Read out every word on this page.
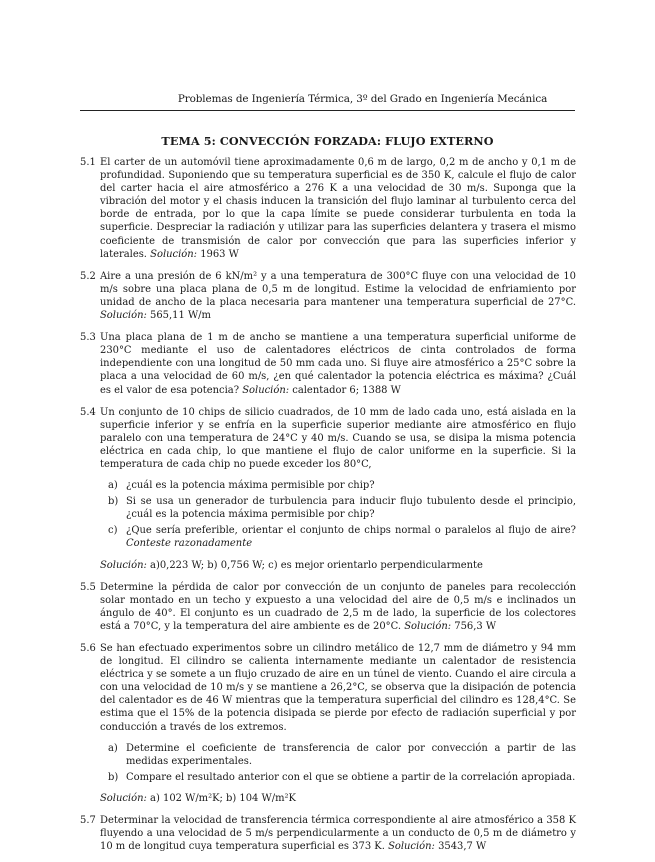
Problemas de Ingeniería Térmica, 3º del Grado en Ingeniería Mecánica
TEMA 5: CONVECCIÓN FORZADA: FLUJO EXTERNO
5.1 El carter de un automóvil tiene aproximadamente 0,6 m de largo, 0,2 m de ancho y 0,1 m de profundidad. Suponiendo que su temperatura superficial es de 350 K, calcule el flujo de calor del carter hacia el aire atmosférico a 276 K a una velocidad de 30 m/s. Suponga que la vibración del motor y el chasis inducen la transición del flujo laminar al turbulento cerca del borde de entrada, por lo que la capa límite se puede considerar turbulenta en toda la superficie. Despreciar la radiación y utilizar para las superficies delantera y trasera el mismo coeficiente de transmisión de calor por convección que para las superficies inferior y laterales. Solución: 1963 W
5.2 Aire a una presión de 6 kN/m² y a una temperatura de 300°C fluye con una velocidad de 10 m/s sobre una placa plana de 0,5 m de longitud. Estime la velocidad de enfriamiento por unidad de ancho de la placa necesaria para mantener una temperatura superficial de 27°C. Solución: 565,11 W/m
5.3 Una placa plana de 1 m de ancho se mantiene a una temperatura superficial uniforme de 230°C mediante el uso de calentadores eléctricos de cinta controlados de forma independiente con una longitud de 50 mm cada uno. Si fluye aire atmosférico a 25°C sobre la placa a una velocidad de 60 m/s, ¿en qué calentador la potencia eléctrica es máxima? ¿Cuál es el valor de esa potencia? Solución: calentador 6; 1388 W
5.4 Un conjunto de 10 chips de silicio cuadrados, de 10 mm de lado cada uno, está aislada en la superficie inferior y se enfría en la superficie superior mediante aire atmosférico en flujo paralelo con una temperatura de 24°C y 40 m/s. Cuando se usa, se disipa la misma potencia eléctrica en cada chip, lo que mantiene el flujo de calor uniforme en la superficie. Si la temperatura de cada chip no puede exceder los 80°C,
a) ¿cuál es la potencia máxima permisible por chip?
b) Si se usa un generador de turbulencia para inducir flujo tubulento desde el principio, ¿cuál es la potencia máxima permisible por chip?
c) ¿Que sería preferible, orientar el conjunto de chips normal o paralelos al flujo de aire? Conteste razonadamente
Solución: a)0,223 W; b) 0,756 W; c) es mejor orientarlo perpendicularmente
5.5 Determine la pérdida de calor por convección de un conjunto de paneles para recolección solar montado en un techo y expuesto a una velocidad del aire de 0,5 m/s e inclinados un ángulo de 40°. El conjunto es un cuadrado de 2,5 m de lado, la superficie de los colectores está a 70°C, y la temperatura del aire ambiente es de 20°C. Solución: 756,3 W
5.6 Se han efectuado experimentos sobre un cilindro metálico de 12,7 mm de diámetro y 94 mm de longitud. El cilindro se calienta internamente mediante un calentador de resistencia eléctrica y se somete a un flujo cruzado de aire en un túnel de viento. Cuando el aire circula a con una velocidad de 10 m/s y se mantiene a 26,2°C, se observa que la disipación de potencia del calentador es de 46 W mientras que la temperatura superficial del cilindro es 128,4°C. Se estima que el 15% de la potencia disipada se pierde por efecto de radiación superficial y por conducción a través de los extremos.
a) Determine el coeficiente de transferencia de calor por convección a partir de las medidas experimentales.
b) Compare el resultado anterior con el que se obtiene a partir de la correlación apropiada.
Solución: a) 102 W/m²K; b) 104 W/m²K
5.7 Determinar la velocidad de transferencia térmica correspondiente al aire atmosférico a 358 K fluyendo a una velocidad de 5 m/s perpendicularmente a un conducto de 0,5 m de diámetro y 10 m de longitud cuya temperatura superficial es 373 K. Solución: 3543,7 W
